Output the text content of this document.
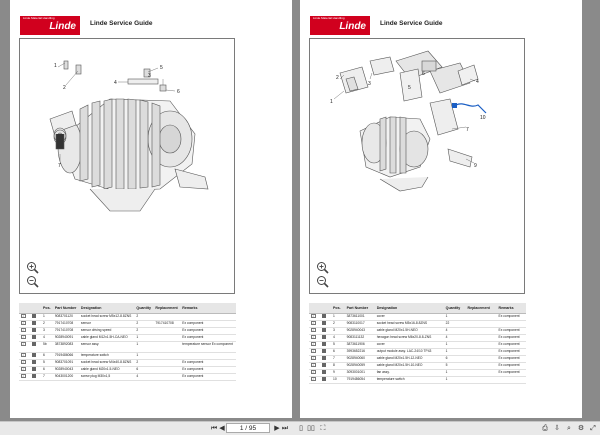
Linde Material Handling
Linde Linde Service Guide
1
2
3
4
5
6
7
		Pos.	Part Number	Designation	Quantity	Replacement	Remarks
✓		1	9083701120	socket head screw M5x12-8.8ZNS	2		
✓		2	7917410708	sensor	2	7917410708	Ex component
✓		3	7917410708	sensor driving speed	2		Ex component
✓		4	9028940091	cable gland M12x1.5H-CA-NEO	1		Ex component
✓		5b	3873892083	sensor assy.	1		temperature sensor Ex component
✓		6	7919486066	temperature switch	1		
✓		5	9083701091	socket head screw M4x40-8.8ZNS	2		Ex component
✓		6	9028940043	cable gland M20x1.5-NEO	6		Ex component
✓		7	9043001200	screw plug M30x1,5	4		Ex component
Linde Material Handling
Linde Linde Service Guide
1
2
3	4
5
6
7
9
10
		Pos.	Part Number	Designation	Quantity	Replacement	Remarks
✓		1	3873611001	cover	1		Ex component
✓		2	9083110017	socket head screw M5x16-8.8ZNS	22		
✓		3	9028940043	cable gland M20x1.5H-NEO	4		Ex component
✓		4	9083111132	hexagon head screw M6x20-8.8-ZNS	4		Ex component
✓		5	3873611906	cover	1		Ex component
✓		6	3993652216	output module assy. LAC-24/10 TP43	1		Ex component
✓		7	9028940060	cable gland M20x1.5H-12-NEO	6		Ex component
✓		8	9028940059	cable gland M20x1.5H-10-NEO	5		Ex component
✓		9	3093001001	fan assy.	1		Ex component
✓		10	7919486054	temperature switch	1		
⏮ ◀	1 / 95	▶ ⏭	▯ ▯▯ ⛶	⎙ ⇩	⌕ ⚙ ⤢
